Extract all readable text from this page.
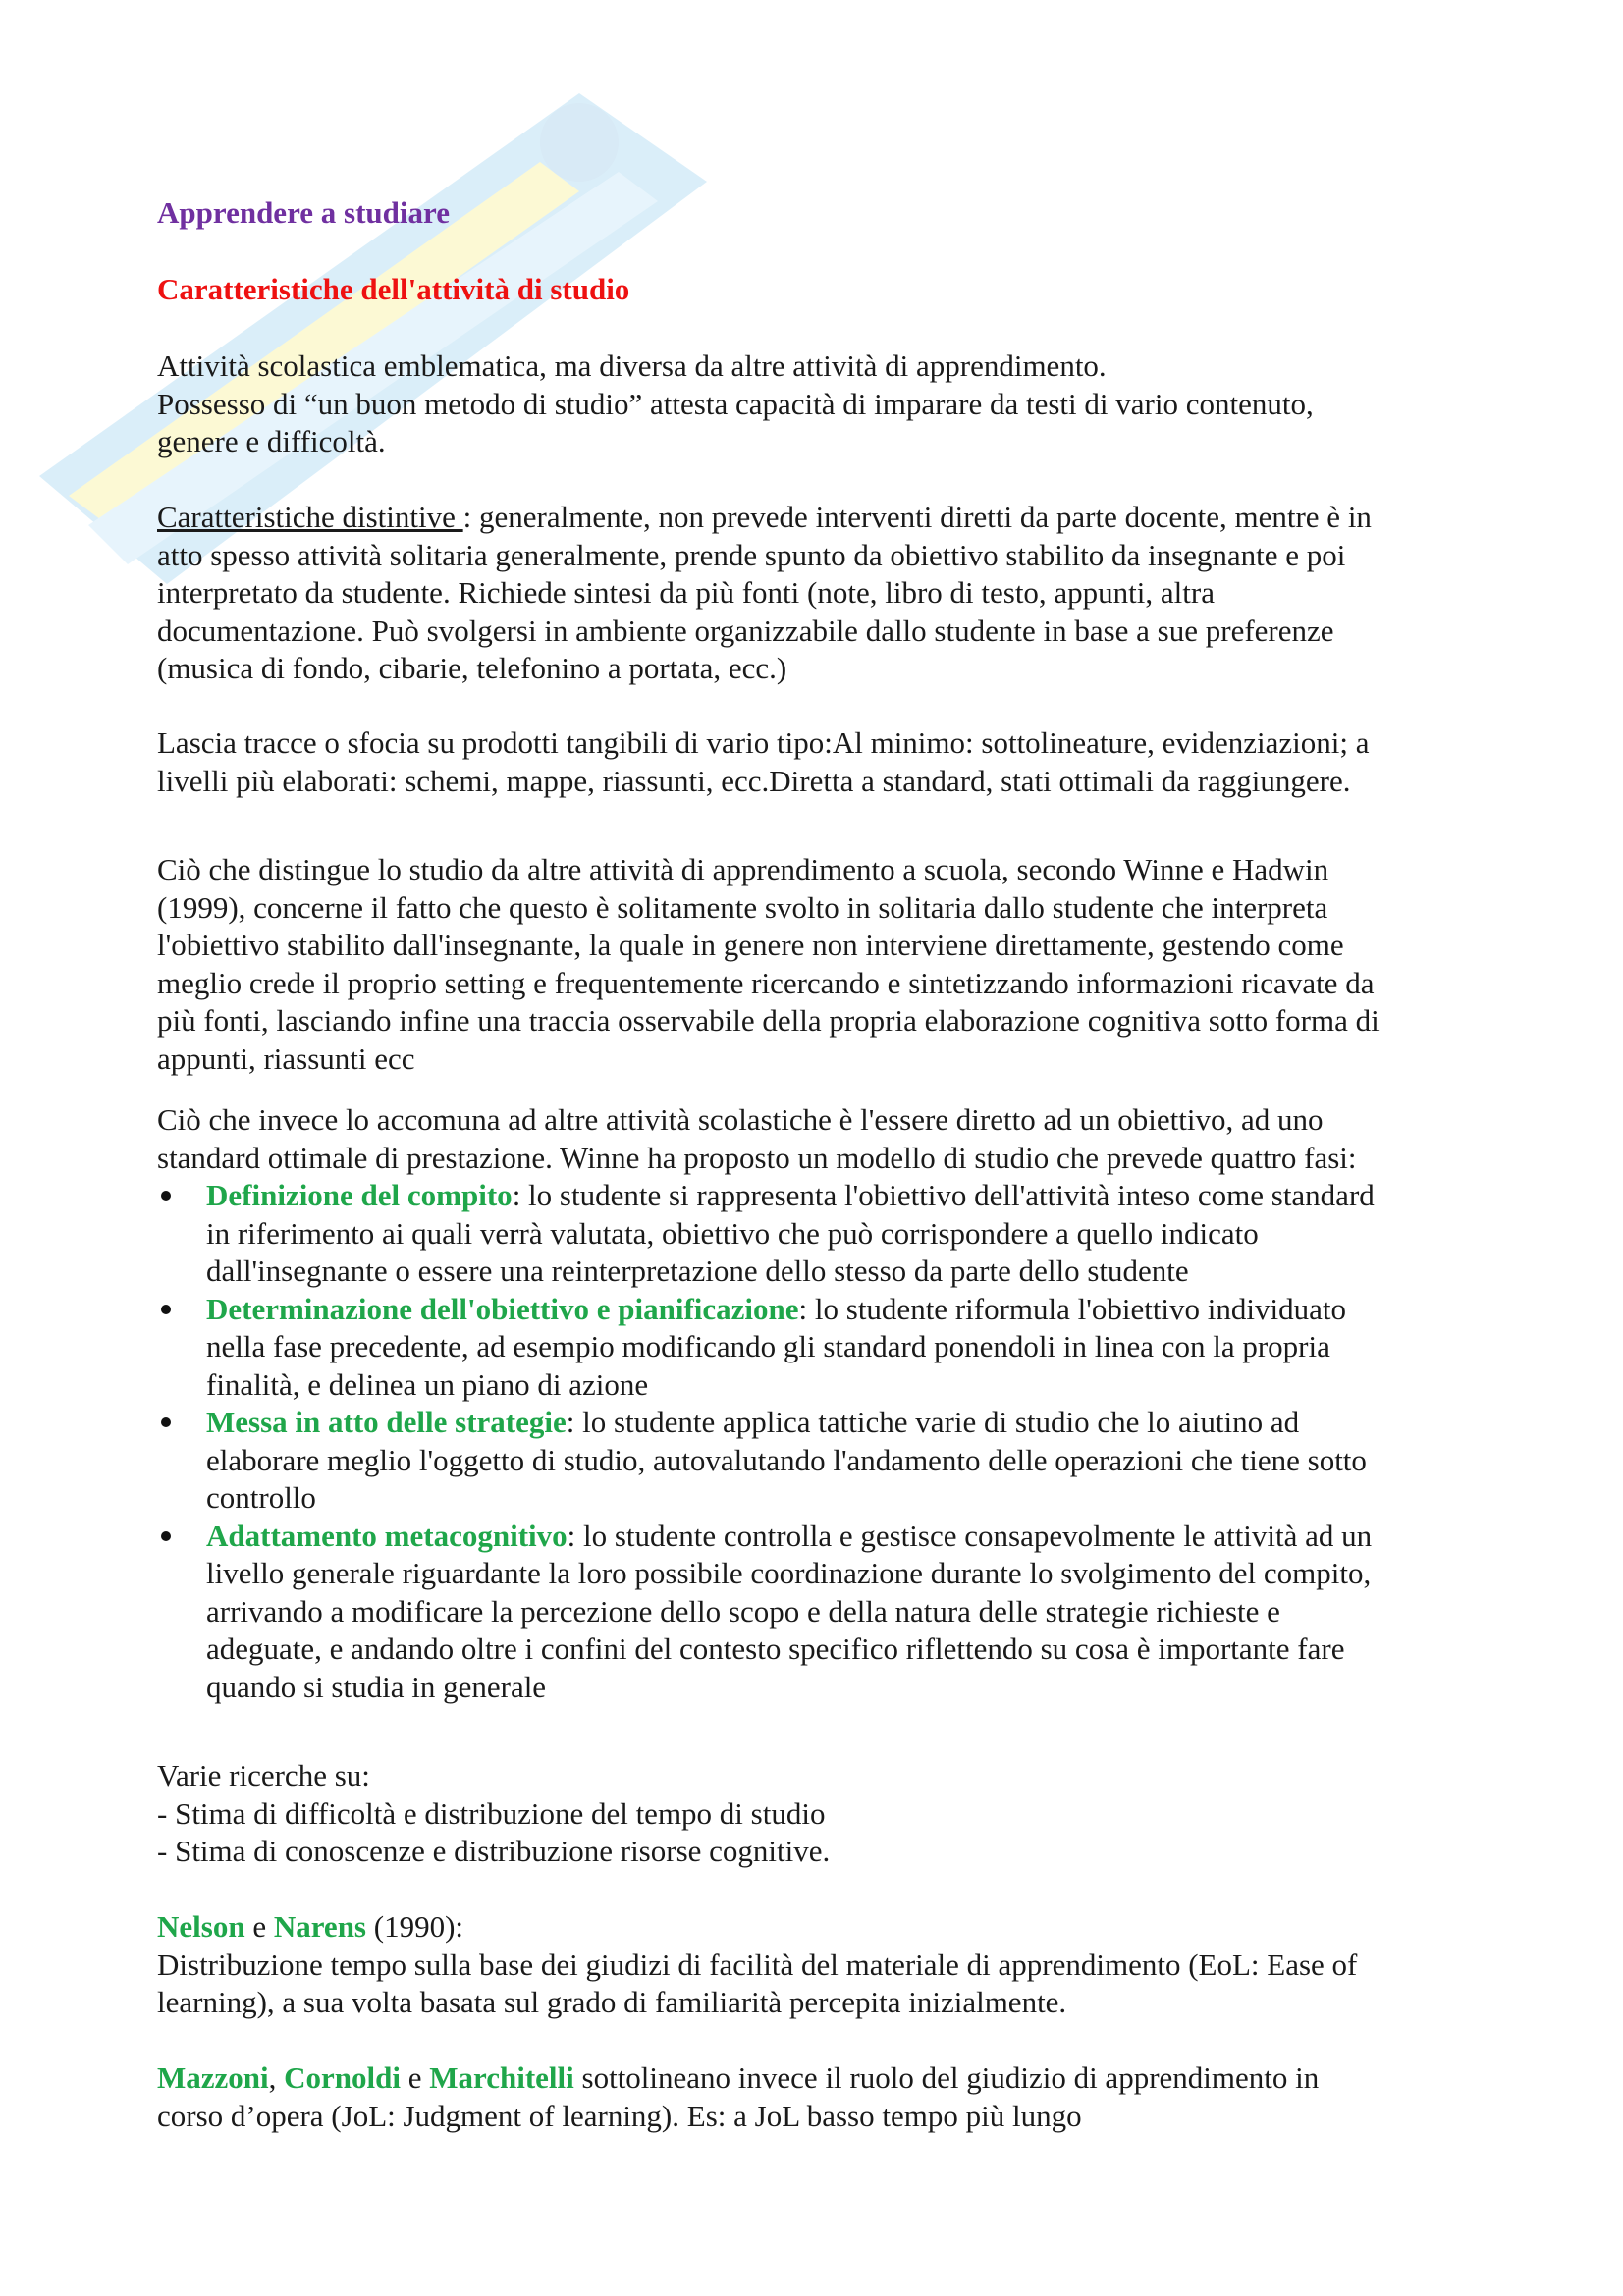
Apprendere a studiare
Caratteristiche dell'attività di studio
Attività scolastica emblematica, ma diversa da altre attività di apprendimento.
Possesso di “un buon metodo di studio” attesta capacità di imparare da testi di vario contenuto,
genere e difficoltà.
Caratteristiche distintive : generalmente, non prevede interventi diretti da parte docente, mentre è in
atto spesso attività solitaria generalmente, prende spunto da obiettivo stabilito da insegnante e poi
interpretato da studente. Richiede sintesi da più fonti (note, libro di testo, appunti, altra
documentazione. Può svolgersi in ambiente organizzabile dallo studente in base a sue preferenze
(musica di fondo, cibarie, telefonino a portata, ecc.)
Lascia tracce o sfocia su prodotti tangibili di vario tipo:Al minimo: sottolineature, evidenziazioni; a
livelli più elaborati: schemi, mappe, riassunti, ecc.Diretta a standard, stati ottimali da raggiungere.
Ciò che distingue lo studio da altre attività di apprendimento a scuola, secondo Winne e Hadwin
(1999), concerne il fatto che questo è solitamente svolto in solitaria dallo studente che interpreta
l'obiettivo stabilito dall'insegnante, la quale in genere non interviene direttamente, gestendo come
meglio crede il proprio setting e frequentemente ricercando e sintetizzando informazioni ricavate da
più fonti, lasciando infine una traccia osservabile della propria elaborazione cognitiva sotto forma di
appunti, riassunti ecc
Ciò che invece lo accomuna ad altre attività scolastiche è l'essere diretto ad un obiettivo, ad uno
standard ottimale di prestazione. Winne ha proposto un modello di studio che prevede quattro fasi:
Definizione del compito: lo studente si rappresenta l'obiettivo dell'attività inteso come standard
in riferimento ai quali verrà valutata, obiettivo che può corrispondere a quello indicato
dall'insegnante o essere una reinterpretazione dello stesso da parte dello studente
Determinazione dell'obiettivo e pianificazione: lo studente riformula l'obiettivo individuato
nella fase precedente, ad esempio modificando gli standard ponendoli in linea con la propria
finalità, e delinea un piano di azione
Messa in atto delle strategie: lo studente applica tattiche varie di studio che lo aiutino ad
elaborare meglio l'oggetto di studio, autovalutando l'andamento delle operazioni che tiene sotto
controllo
Adattamento metacognitivo: lo studente controlla e gestisce consapevolmente le attività ad un
livello generale riguardante la loro possibile coordinazione durante lo svolgimento del compito,
arrivando a modificare la percezione dello scopo e della natura delle strategie richieste e
adeguate, e andando oltre i confini del contesto specifico riflettendo su cosa è importante fare
quando si studia in generale
Varie ricerche su:
- Stima di difficoltà e distribuzione del tempo di studio
- Stima di conoscenze e distribuzione risorse cognitive.
Nelson e Narens (1990):
Distribuzione tempo sulla base dei giudizi di facilità del materiale di apprendimento (EoL: Ease of
learning), a sua volta basata sul grado di familiarità percepita inizialmente.
Mazzoni, Cornoldi e Marchitelli sottolineano invece il ruolo del giudizio di apprendimento in
corso d’opera (JoL: Judgment of learning). Es: a JoL basso tempo più lungo
